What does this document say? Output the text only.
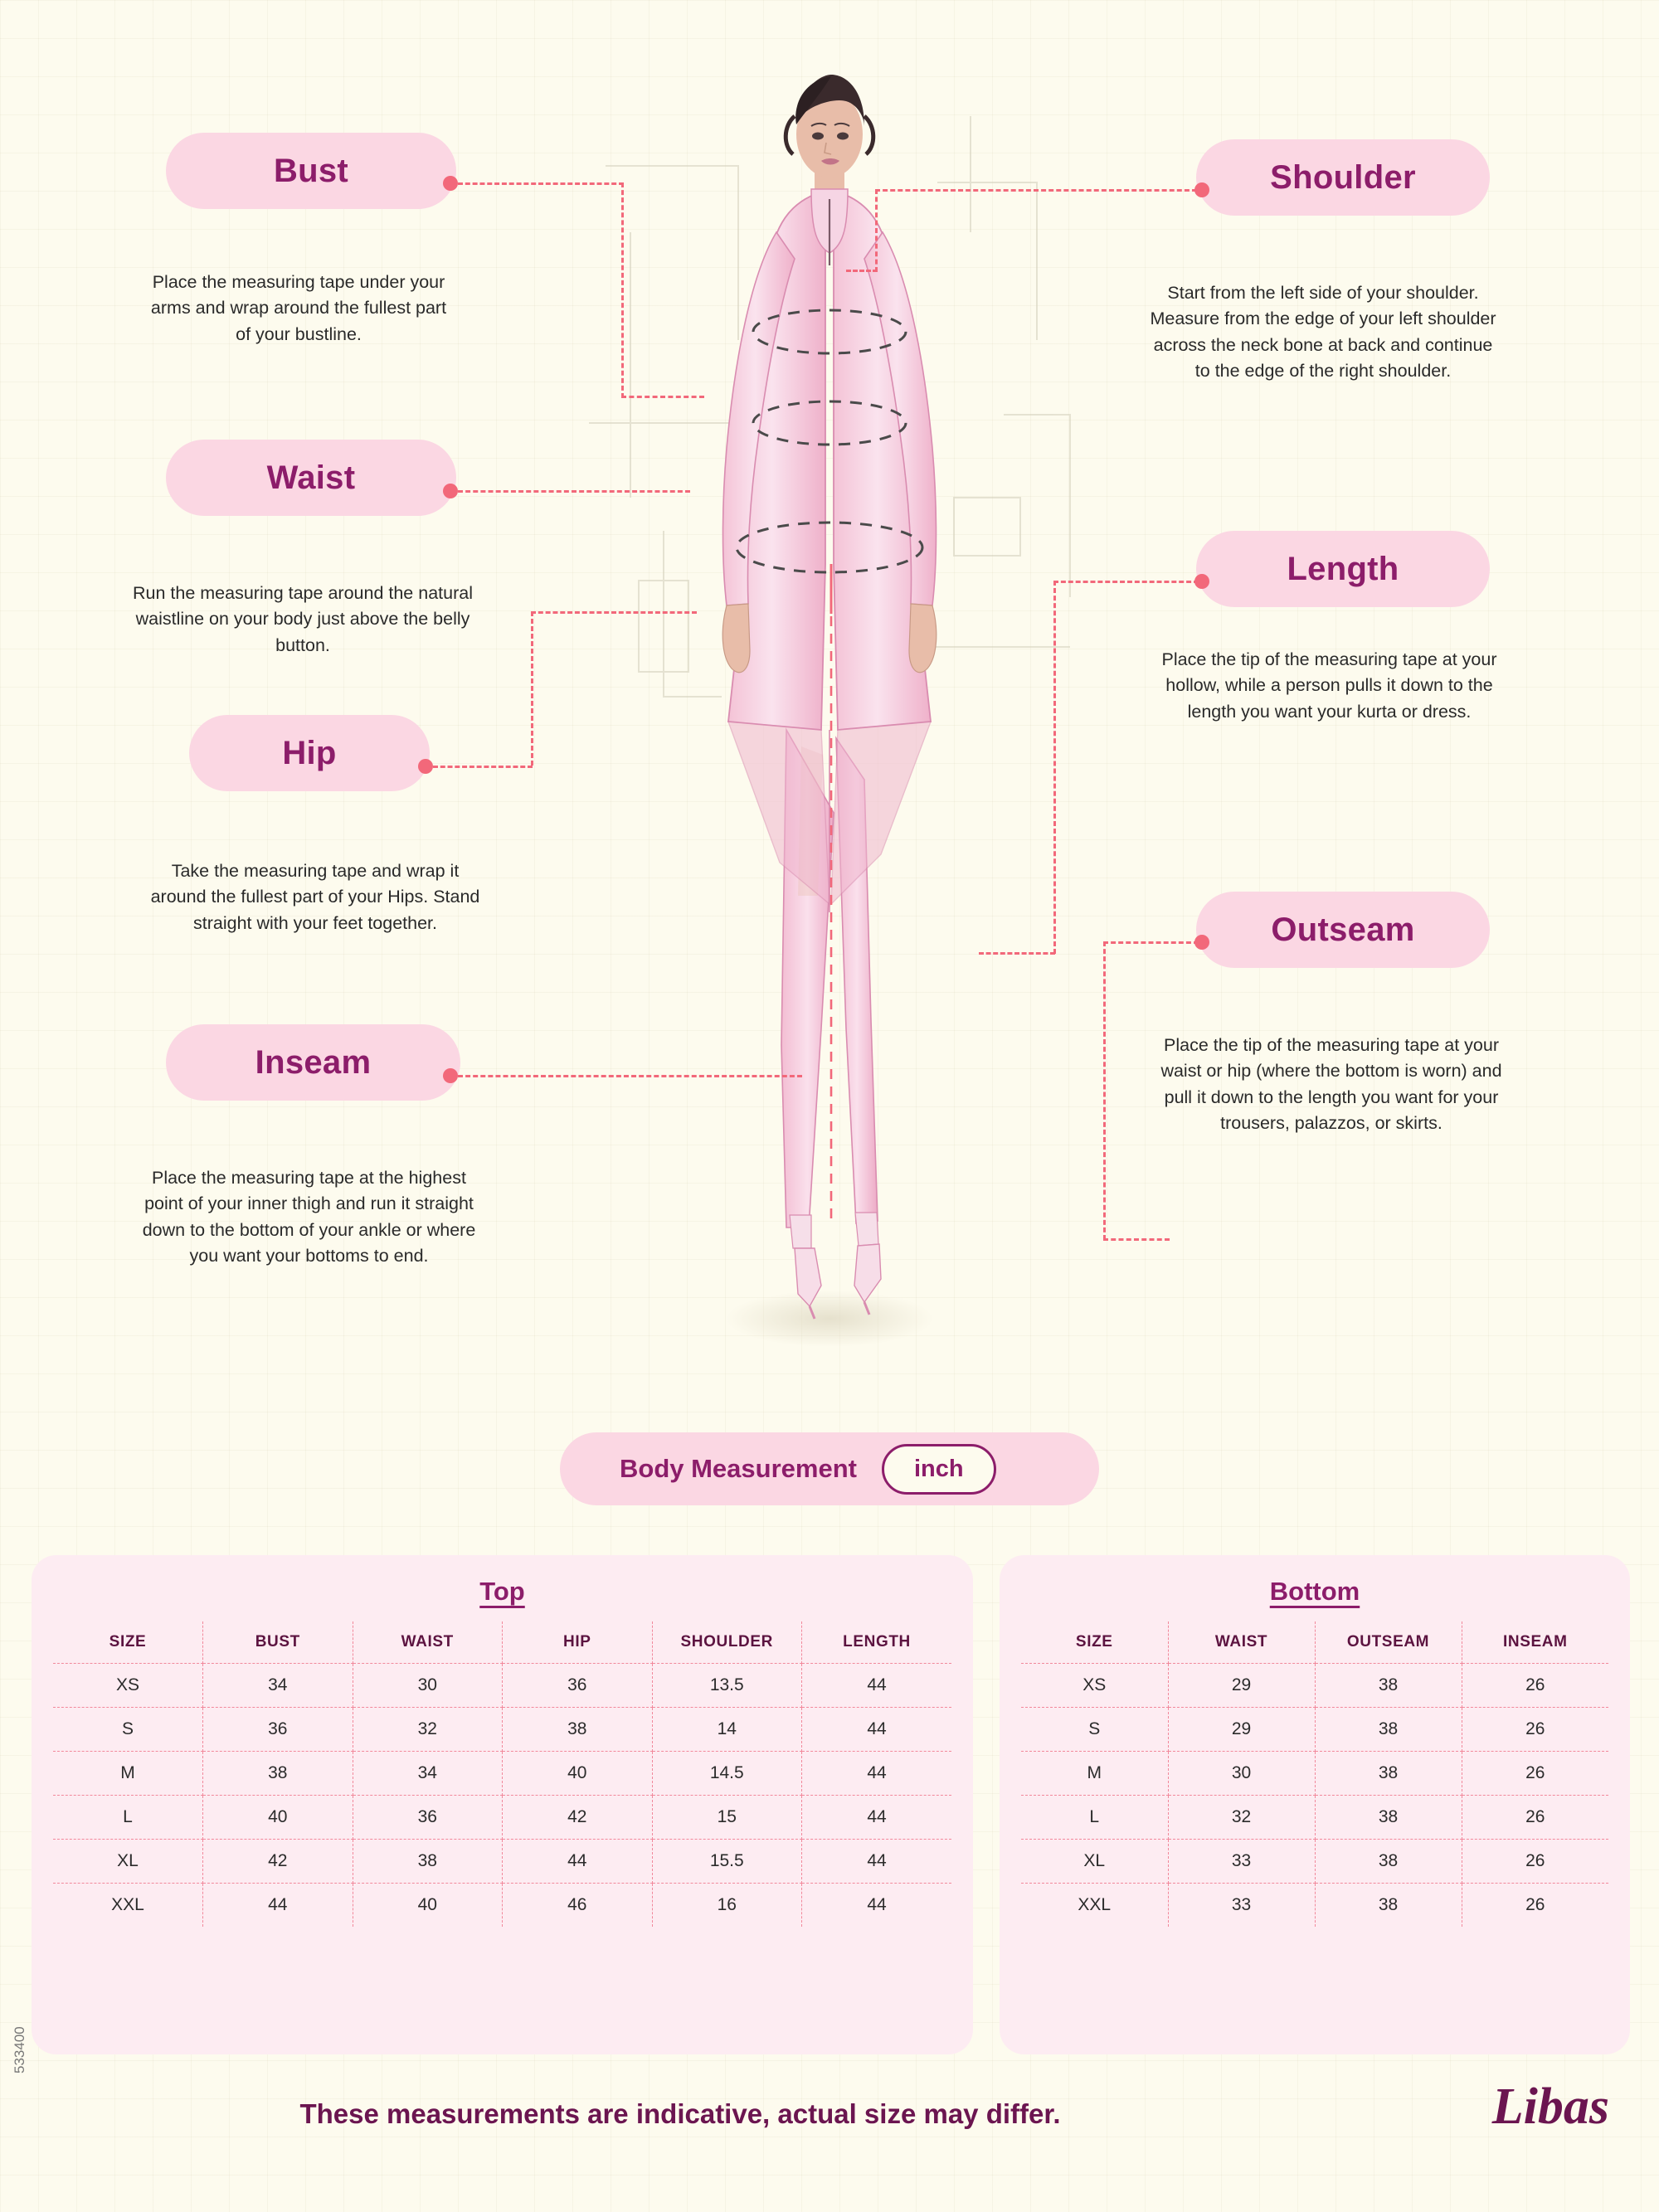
Bust
Place the measuring tape under your arms and wrap around the fullest part of your bustline.
Waist
Run the measuring tape around the natural waistline on your body just above the belly button.
Hip
Take the measuring tape and wrap it around the fullest part of your Hips. Stand straight with your feet together.
Inseam
Place the measuring tape at the highest point of your inner thigh and run it straight down to the bottom of your ankle or where you want your bottoms to end.
Shoulder
Start from the left side of your shoulder. Measure from the edge of your left shoulder across the neck bone at back and continue to the edge of the right shoulder.
Length
Place the tip of the measuring tape at your hollow, while a person pulls it down to the length you want your kurta or dress.
Outseam
Place the tip of the measuring tape at your waist or hip (where the bottom is worn) and pull it down to the length you want for your trousers, palazzos, or skirts.
Body Measurement	inch
Top
SIZE	BUST	WAIST	HIP	SHOULDER	LENGTH
XS	34	30	36	13.5	44
S	36	32	38	14	44
M	38	34	40	14.5	44
L	40	36	42	15	44
XL	42	38	44	15.5	44
XXL	44	40	46	16	44
Bottom
SIZE	WAIST	OUTSEAM	INSEAM
XS	29	38	26
S	29	38	26
M	30	38	26
L	32	38	26
XL	33	38	26
XXL	33	38	26
These measurements are indicative, actual size may differ.	Libas
533400
